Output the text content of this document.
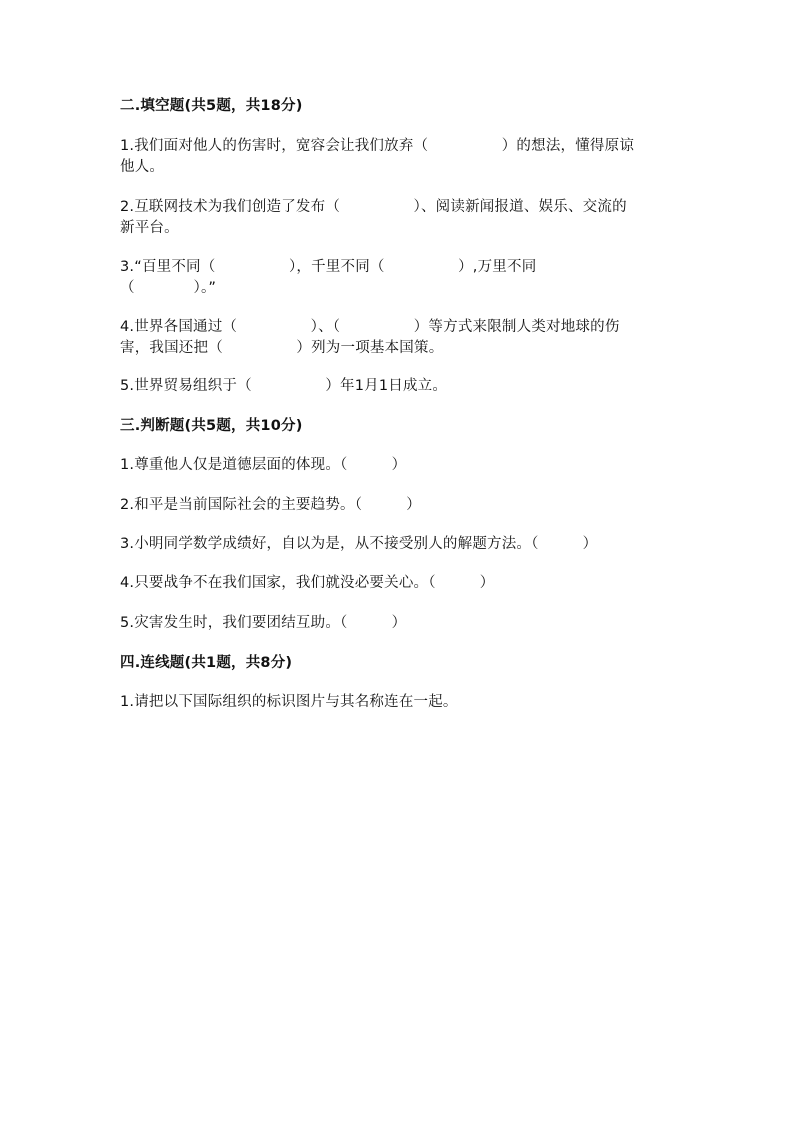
二.填空题(共5题，共18分)
1.我们面对他人的伤害时，宽容会让我们放弃（　　　　　）的想法，懂得原谅
他人。
2.互联网技术为我们创造了发布（　　　　　）、阅读新闻报道、娱乐、交流的
新平台。
3.“百里不同（　　　　　），千里不同（　　　　　）,万里不同
（　　　　）。”
4.世界各国通过（　　　　　）、（　　　　　）等方式来限制人类对地球的伤
害，我国还把（　　　　　）列为一项基本国策。
5.世界贸易组织于（　　　　　）年1月1日成立。
三.判断题(共5题，共10分)
1.尊重他人仅是道德层面的体现。（　　　）
2.和平是当前国际社会的主要趋势。（　　　）
3.小明同学数学成绩好，自以为是，从不接受别人的解题方法。（　　　）
4.只要战争不在我们国家，我们就没必要关心。（　　　）
5.灾害发生时，我们要团结互助。（　　　）
四.连线题(共1题，共8分)
1.请把以下国际组织的标识图片与其名称连在一起。
